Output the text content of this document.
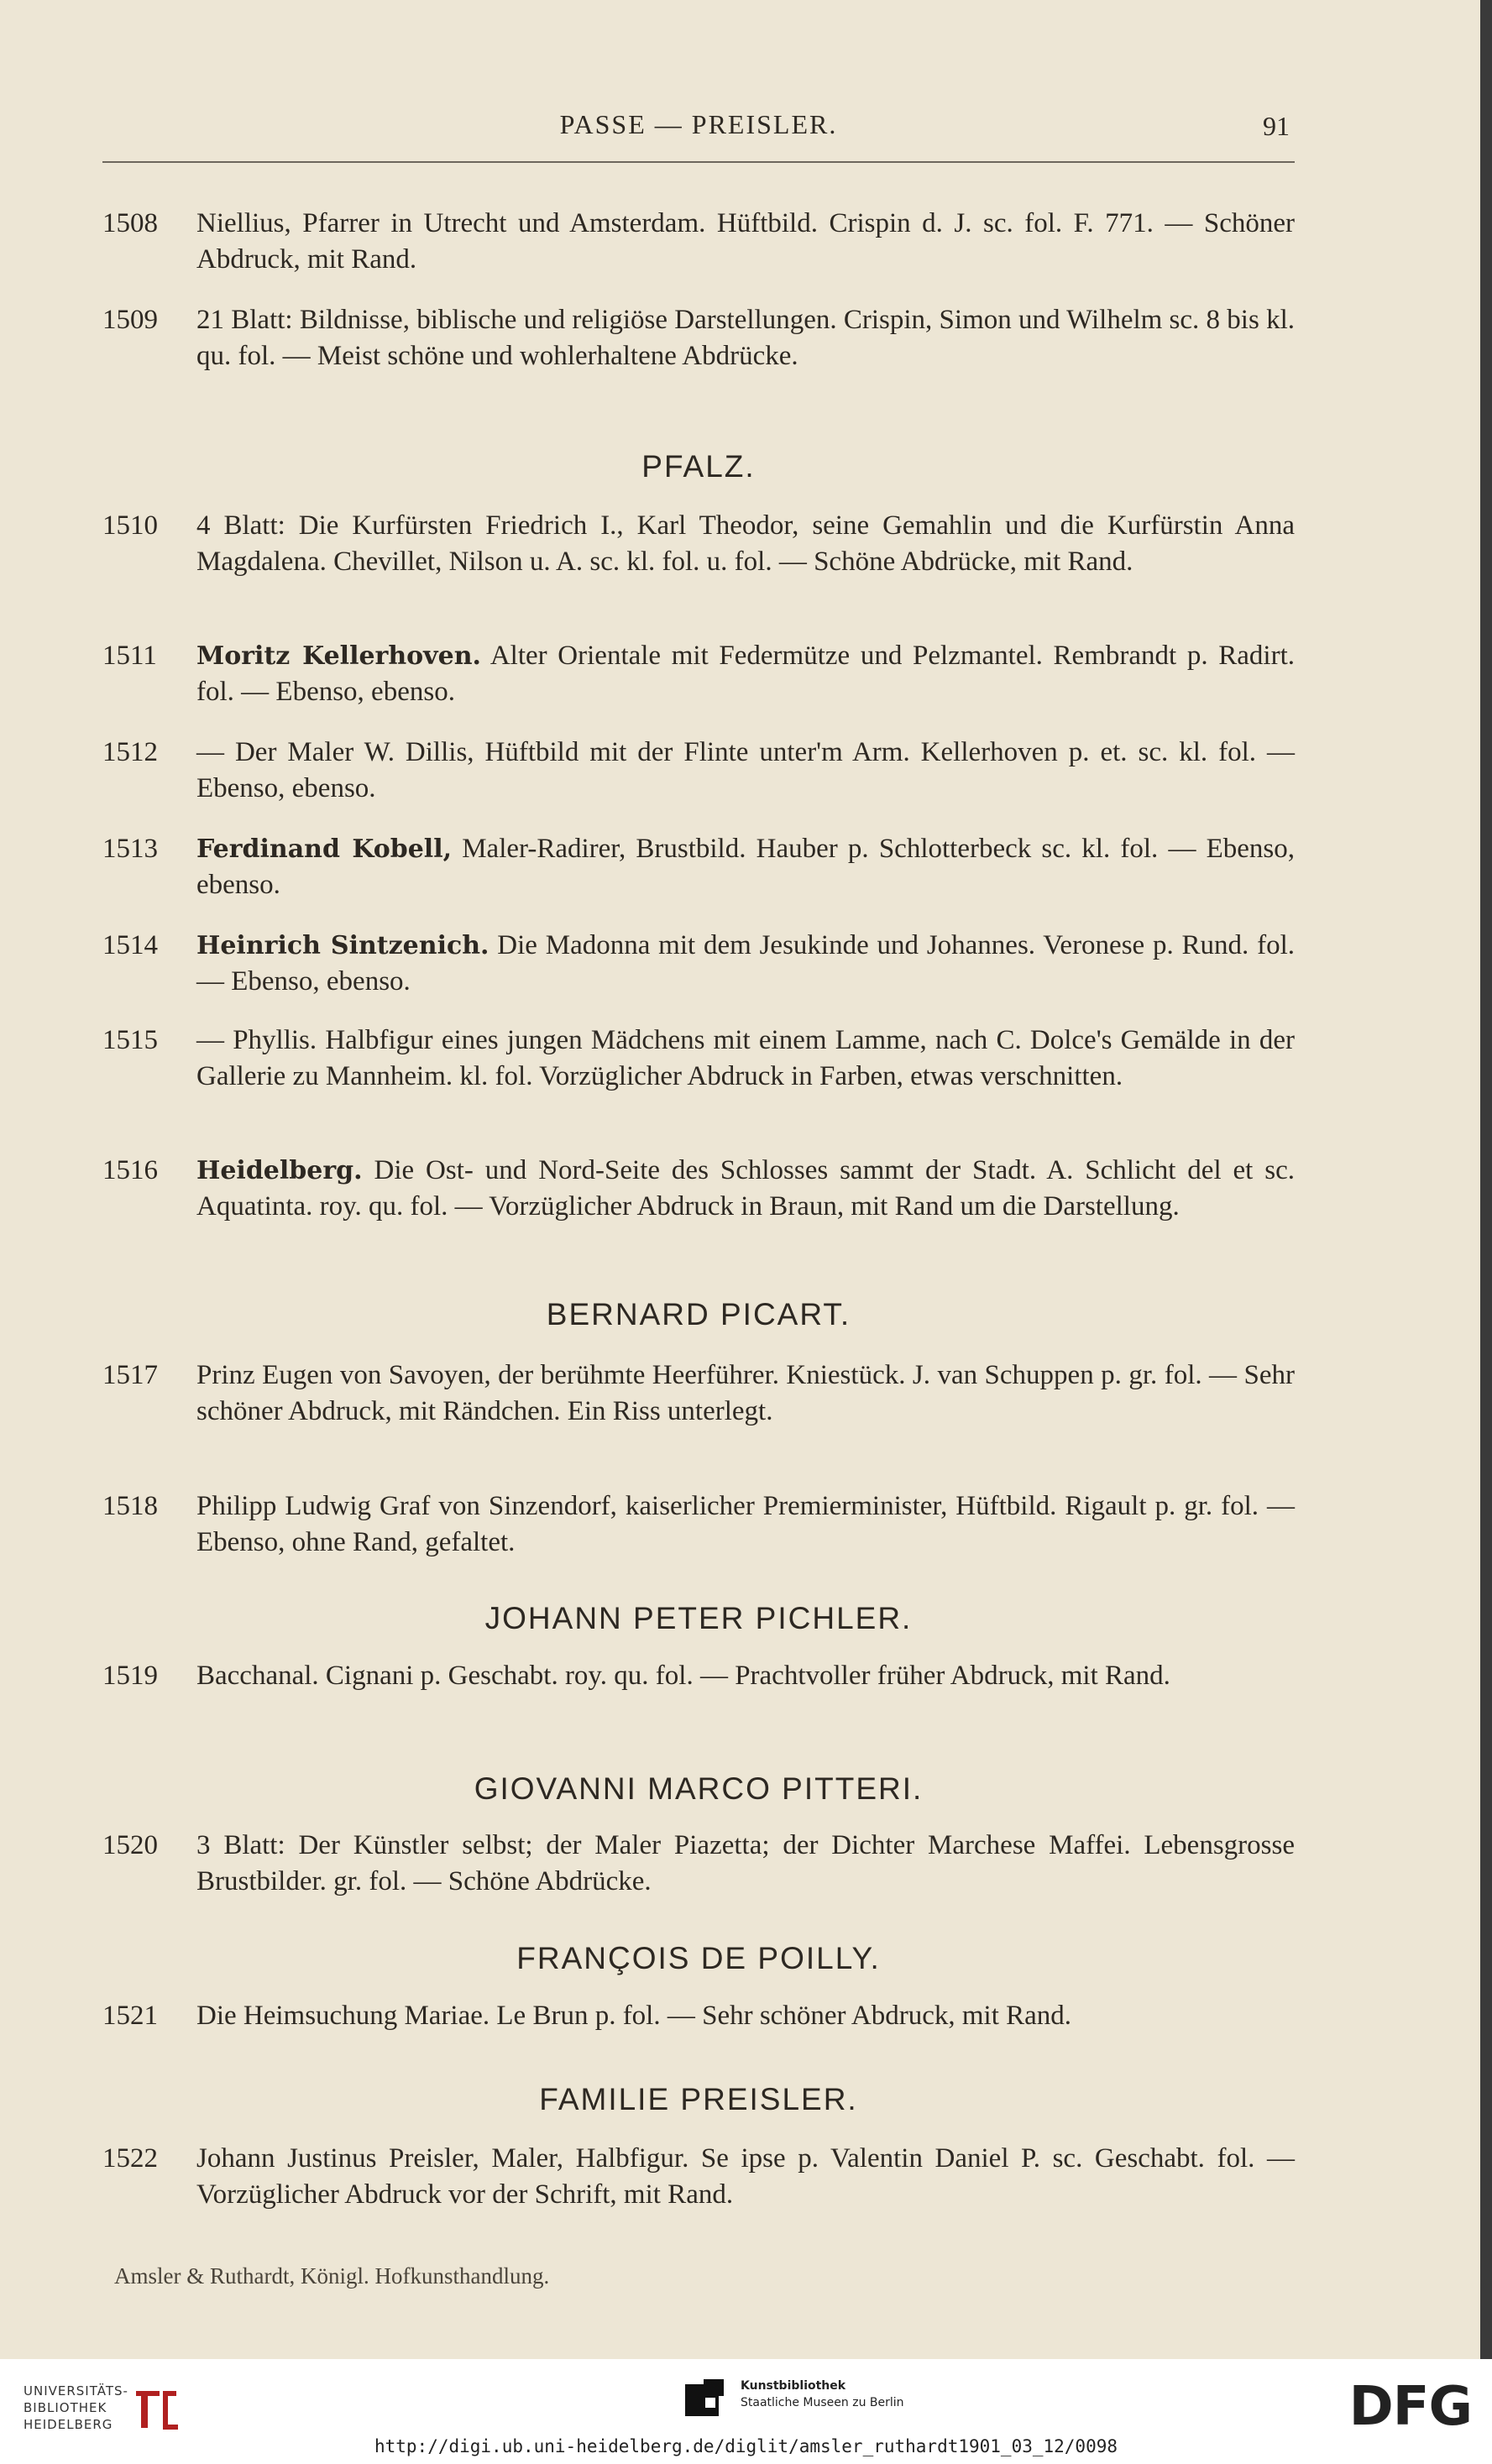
PASSE — PREISLER.	91
1508	Niellius, Pfarrer in Utrecht und Amsterdam. Hüftbild. Crispin d. J. sc. fol. F. 771. — Schöner Abdruck, mit Rand.
1509	21 Blatt: Bildnisse, biblische und religiöse Darstellungen. Crispin, Simon und Wilhelm sc. 8 bis kl. qu. fol. — Meist schöne und wohlerhaltene Abdrücke.
PFALZ.
1510	4 Blatt: Die Kurfürsten Friedrich I., Karl Theodor, seine Gemahlin und die Kurfürstin Anna Magdalena. Chevillet, Nilson u. A. sc. kl. fol. u. fol. — Schöne Abdrücke, mit Rand.
1511	Moritz Kellerhoven. Alter Orientale mit Federmütze und Pelzmantel. Rembrandt p. Radirt. fol. — Ebenso, ebenso.
1512	— Der Maler W. Dillis, Hüftbild mit der Flinte unter'm Arm. Kellerhoven p. et. sc. kl. fol. — Ebenso, ebenso.
1513	Ferdinand Kobell, Maler-Radirer, Brustbild. Hauber p. Schlotterbeck sc. kl. fol. — Ebenso, ebenso.
1514	Heinrich Sintzenich. Die Madonna mit dem Jesukinde und Johannes. Veronese p. Rund. fol. — Ebenso, ebenso.
1515	— Phyllis. Halbfigur eines jungen Mädchens mit einem Lamme, nach C. Dolce's Gemälde in der Gallerie zu Mannheim. kl. fol. Vorzüglicher Abdruck in Farben, etwas verschnitten.
1516	Heidelberg. Die Ost- und Nord-Seite des Schlosses sammt der Stadt. A. Schlicht del et sc. Aquatinta. roy. qu. fol. — Vorzüglicher Abdruck in Braun, mit Rand um die Darstellung.
BERNARD PICART.
1517	Prinz Eugen von Savoyen, der berühmte Heerführer. Kniestück. J. van Schuppen p. gr. fol. — Sehr schöner Abdruck, mit Rändchen. Ein Riss unterlegt.
1518	Philipp Ludwig Graf von Sinzendorf, kaiserlicher Premierminister, Hüftbild. Rigault p. gr. fol. — Ebenso, ohne Rand, gefaltet.
JOHANN PETER PICHLER.
1519	Bacchanal. Cignani p. Geschabt. roy. qu. fol. — Prachtvoller früher Abdruck, mit Rand.
GIOVANNI MARCO PITTERI.
1520	3 Blatt: Der Künstler selbst; der Maler Piazetta; der Dichter Marchese Maffei. Lebensgrosse Brustbilder. gr. fol. — Schöne Abdrücke.
FRANÇOIS DE POILLY.
1521	Die Heimsuchung Mariae. Le Brun p. fol. — Sehr schöner Abdruck, mit Rand.
FAMILIE PREISLER.
1522	Johann Justinus Preisler, Maler, Halbfigur. Se ipse p. Valentin Daniel P. sc. Geschabt. fol. — Vorzüglicher Abdruck vor der Schrift, mit Rand.
Amsler & Ruthardt, Königl. Hofkunsthandlung.
UNIVERSITÄTS-
BIBLIOTHEK
HEIDELBERG
Kunstbibliothek
Staatliche Museen zu Berlin	DFG
http://digi.ub.uni-heidelberg.de/diglit/amsler_ruthardt1901_03_12/0098
